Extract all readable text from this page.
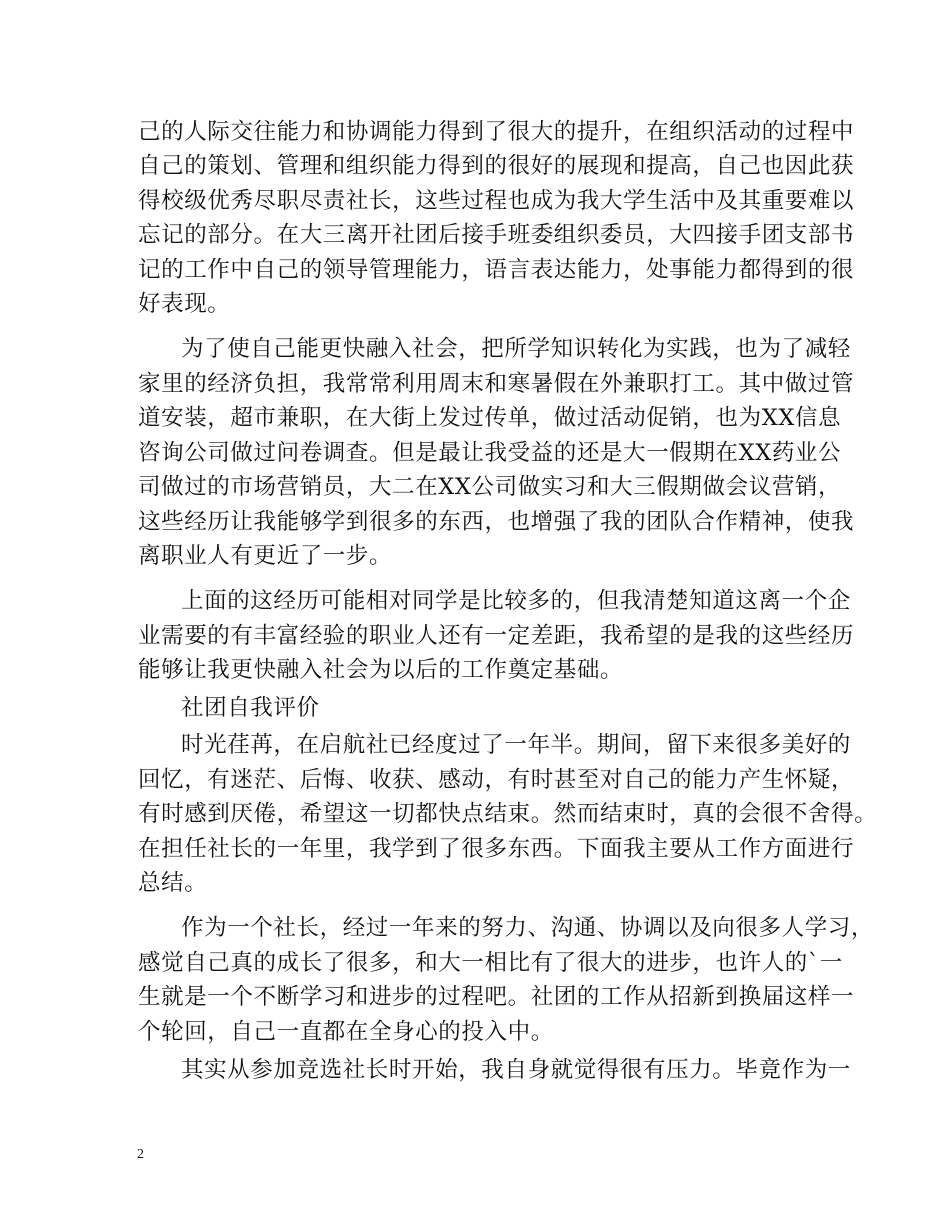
己的人际交往能力和协调能力得到了很大的提升，在组织活动的过程中
自己的策划、管理和组织能力得到的很好的展现和提高，自己也因此获
得校级优秀尽职尽责社长，这些过程也成为我大学生活中及其重要难以
忘记的部分。在大三离开社团后接手班委组织委员，大四接手团支部书
记的工作中自己的领导管理能力，语言表达能力，处事能力都得到的很
好表现。
为了使自己能更快融入社会，把所学知识转化为实践，也为了减轻
家里的经济负担，我常常利用周末和寒暑假在外兼职打工。其中做过管
道安装，超市兼职，在大街上发过传单，做过活动促销，也为XX信息
咨询公司做过问卷调查。但是最让我受益的还是大一假期在XX药业公
司做过的市场营销员，大二在XX公司做实习和大三假期做会议营销，
这些经历让我能够学到很多的东西，也增强了我的团队合作精神，使我
离职业人有更近了一步。
上面的这经历可能相对同学是比较多的，但我清楚知道这离一个企
业需要的有丰富经验的职业人还有一定差距，我希望的是我的这些经历
能够让我更快融入社会为以后的工作奠定基础。
社团自我评价
时光荏苒，在启航社已经度过了一年半。期间，留下来很多美好的
回忆，有迷茫、后悔、收获、感动，有时甚至对自己的能力产生怀疑，
有时感到厌倦，希望这一切都快点结束。然而结束时，真的会很不舍得。
在担任社长的一年里，我学到了很多东西。下面我主要从工作方面进行
总结。
作为一个社长，经过一年来的努力、沟通、协调以及向很多人学习，
感觉自己真的成长了很多，和大一相比有了很大的进步，也许人的`一
生就是一个不断学习和进步的过程吧。社团的工作从招新到换届这样一
个轮回，自己一直都在全身心的投入中。
其实从参加竞选社长时开始，我自身就觉得很有压力。毕竟作为一
2
